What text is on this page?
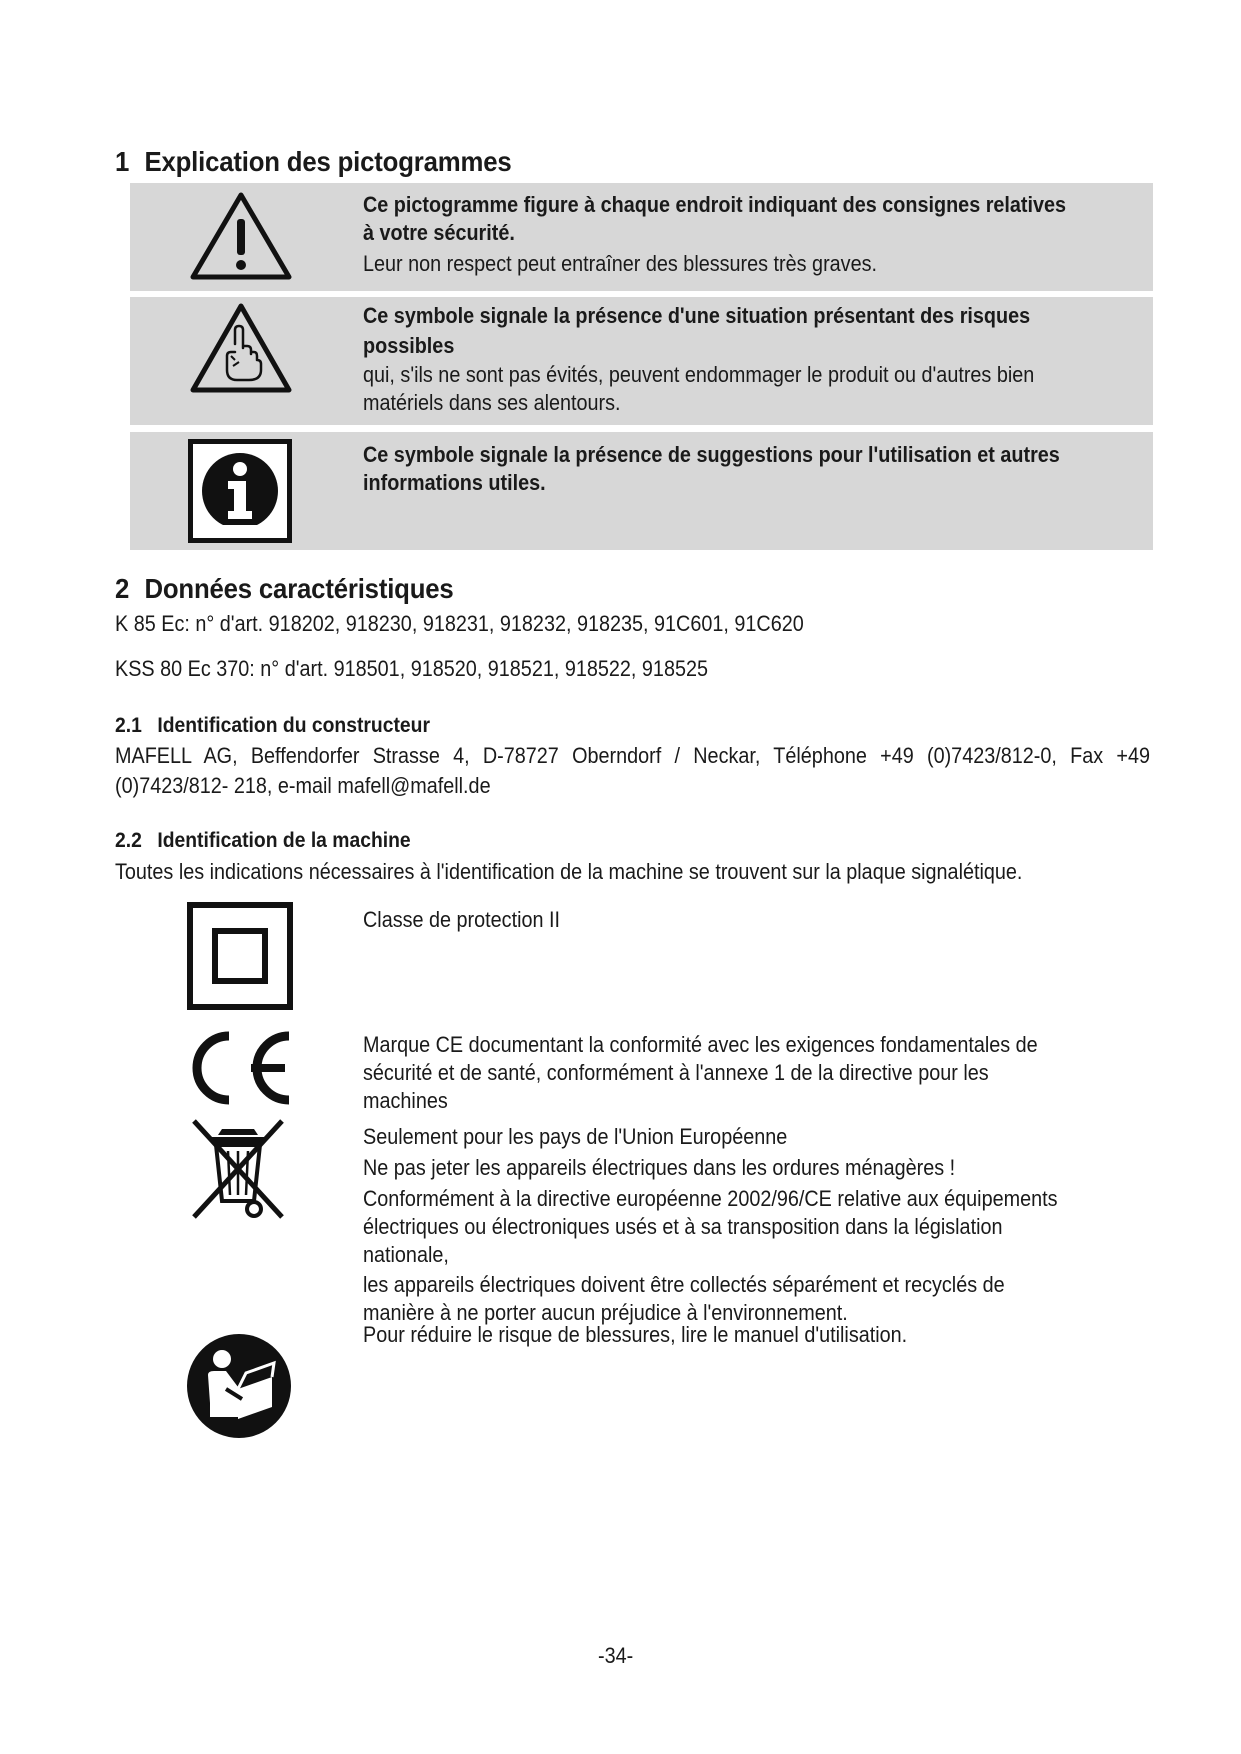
1 Explication des pictogrammes
Ce pictogramme figure à chaque endroit indiquant des consignes relatives à votre sécurité.
Leur non respect peut entraîner des blessures très graves.
Ce symbole signale la présence d'une situation présentant des risques possibles
qui, s'ils ne sont pas évités, peuvent endommager le produit ou d'autres bien matériels dans ses alentours.
Ce symbole signale la présence de suggestions pour l'utilisation et autres informations utiles.
2 Données caractéristiques
K 85 Ec: n° d'art. 918202, 918230, 918231, 918232, 918235, 91C601, 91C620
KSS 80 Ec 370: n° d'art. 918501, 918520, 918521, 918522, 918525
2.1 Identification du constructeur
MAFELL AG, Beffendorfer Strasse 4, D-78727 Oberndorf / Neckar, Téléphone +49 (0)7423/812-0, Fax +49 (0)7423/812- 218, e-mail mafell@mafell.de
2.2 Identification de la machine
Toutes les indications nécessaires à l'identification de la machine se trouvent sur la plaque signalétique.
Classe de protection II
Marque CE documentant la conformité avec les exigences fondamentales de sécurité et de santé, conformément à l'annexe 1 de la directive pour les machines
Seulement pour les pays de l'Union Européenne
Ne pas jeter les appareils électriques dans les ordures ménagères !
Conformément à la directive européenne 2002/96/CE relative aux équipements électriques ou électroniques usés et à sa transposition dans la législation nationale,
les appareils électriques doivent être collectés séparément et recyclés de manière à ne porter aucun préjudice à l'environnement.
Pour réduire le risque de blessures, lire le manuel d'utilisation.
-34-
